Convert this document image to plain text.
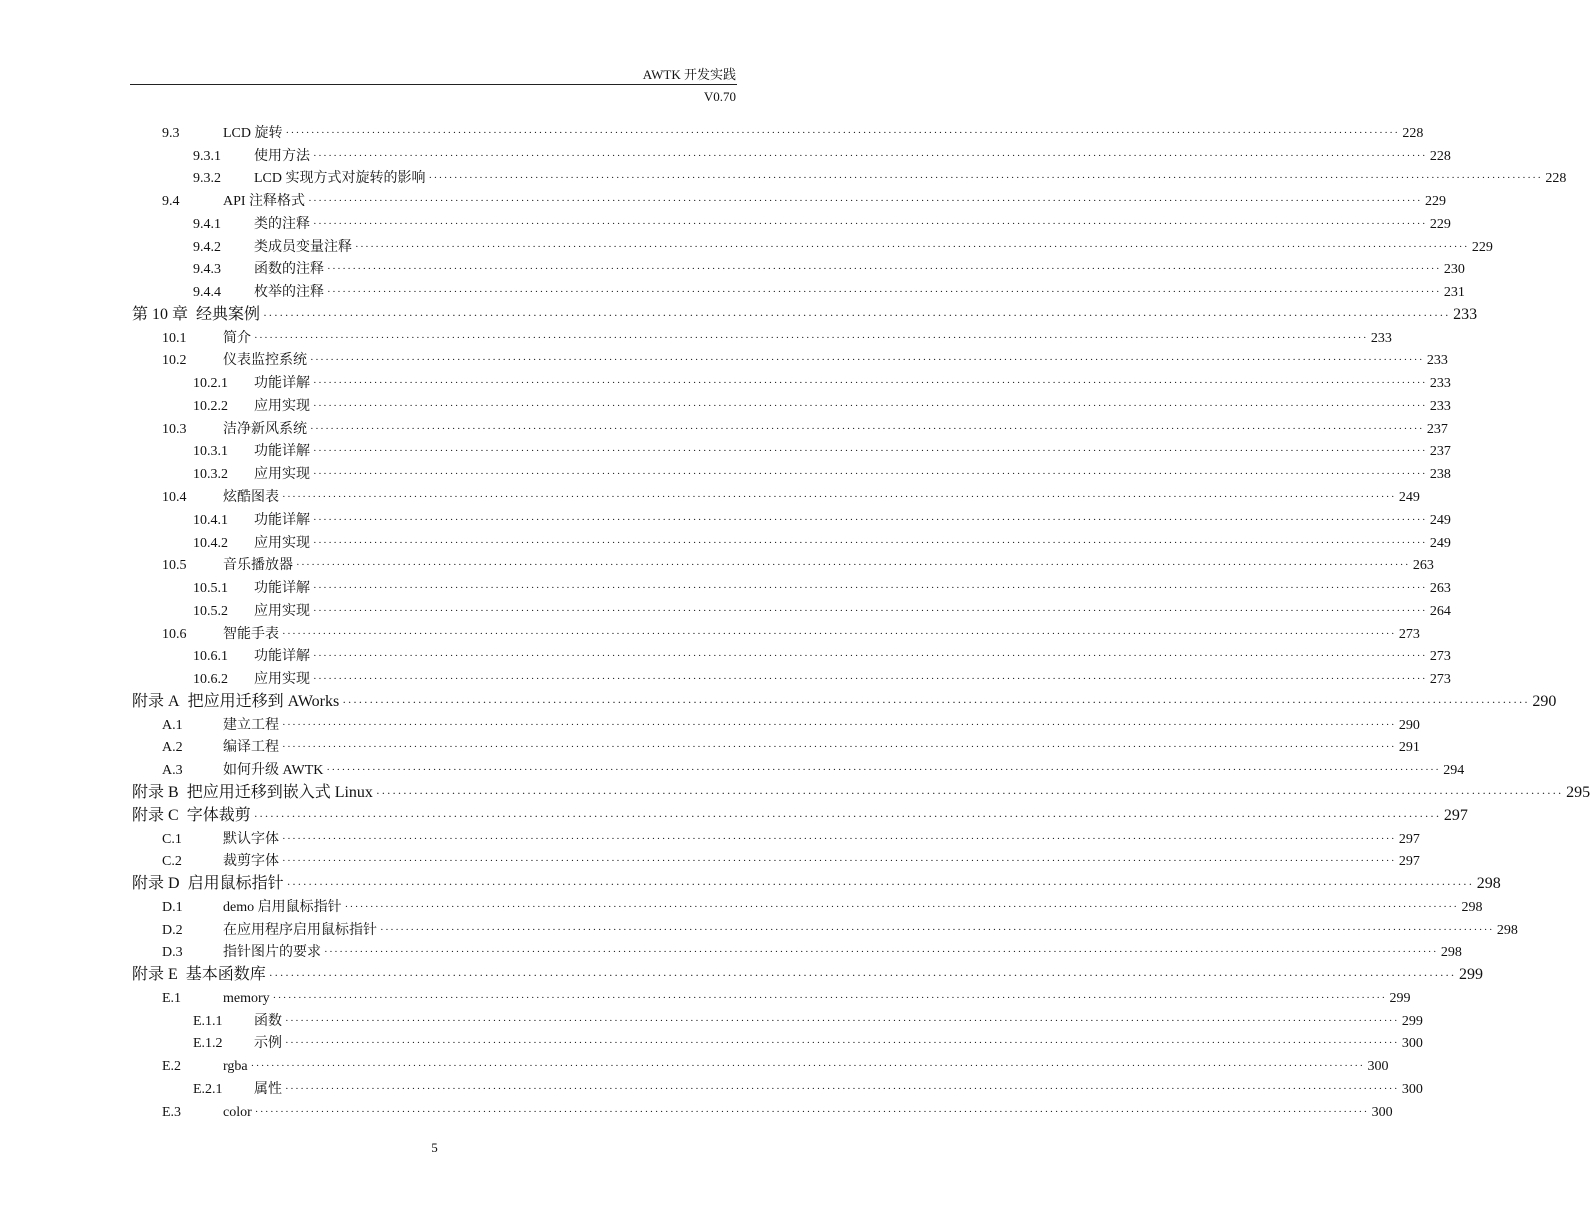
AWTK 开发实践
V0.70
9.3	LCD 旋转 ···························································································································································································································· 228
9.3.1	使用方法 ···························································································································································································································· 228
9.3.2	LCD 实现方式对旋转的影响 ···························································································································································································································· 228
9.4	API 注释格式 ···························································································································································································································· 229
9.4.1	类的注释 ···························································································································································································································· 229
9.4.2	类成员变量注释 ···························································································································································································································· 229
9.4.3	函数的注释 ···························································································································································································································· 230
9.4.4	枚举的注释 ···························································································································································································································· 231
第 10 章 经典案例 ···························································································································································································································· 233
10.1	简介 ···························································································································································································································· 233
10.2	仪表监控系统 ···························································································································································································································· 233
10.2.1	功能详解 ···························································································································································································································· 233
10.2.2	应用实现 ···························································································································································································································· 233
10.3	洁净新风系统 ···························································································································································································································· 237
10.3.1	功能详解 ···························································································································································································································· 237
10.3.2	应用实现 ···························································································································································································································· 238
10.4	炫酷图表 ···························································································································································································································· 249
10.4.1	功能详解 ···························································································································································································································· 249
10.4.2	应用实现 ···························································································································································································································· 249
10.5	音乐播放器 ···························································································································································································································· 263
10.5.1	功能详解 ···························································································································································································································· 263
10.5.2	应用实现 ···························································································································································································································· 264
10.6	智能手表 ···························································································································································································································· 273
10.6.1	功能详解 ···························································································································································································································· 273
10.6.2	应用实现 ···························································································································································································································· 273
附录 A 把应用迁移到 AWorks ···························································································································································································································· 290
A.1	建立工程 ···························································································································································································································· 290
A.2	编译工程 ···························································································································································································································· 291
A.3	如何升级 AWTK ···························································································································································································································· 294
附录 B 把应用迁移到嵌入式 Linux ···························································································································································································································· 295
附录 C 字体裁剪 ···························································································································································································································· 297
C.1	默认字体 ···························································································································································································································· 297
C.2	裁剪字体 ···························································································································································································································· 297
附录 D 启用鼠标指针 ···························································································································································································································· 298
D.1	demo 启用鼠标指针 ···························································································································································································································· 298
D.2	在应用程序启用鼠标指针 ···························································································································································································································· 298
D.3	指针图片的要求 ···························································································································································································································· 298
附录 E 基本函数库 ···························································································································································································································· 299
E.1	memory ···························································································································································································································· 299
E.1.1	函数 ···························································································································································································································· 299
E.1.2	示例 ···························································································································································································································· 300
E.2	rgba ···························································································································································································································· 300
E.2.1	属性 ···························································································································································································································· 300
E.3	color ···························································································································································································································· 300
5
